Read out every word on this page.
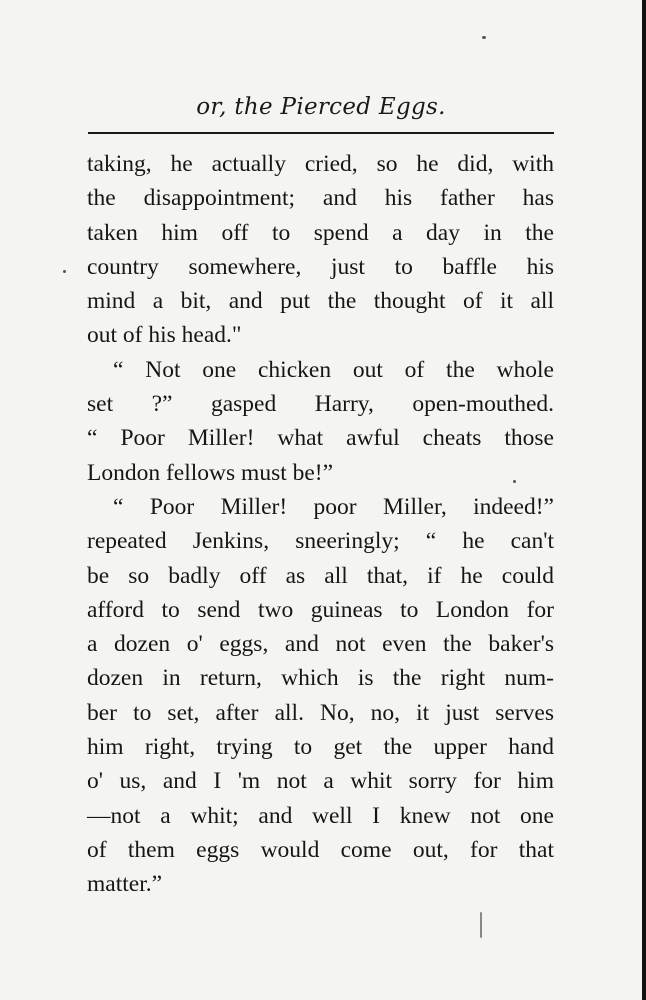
or, the Pierced Eggs.
taking, he actually cried, so he did, with
the disappointment; and his father has
taken him off to spend a day in the
country somewhere, just to baffle his
mind a bit, and put the thought of it all
out of his head."
“ Not one chicken out of the whole
set ?” gasped Harry, open-mouthed.
“ Poor Miller! what awful cheats those
London fellows must be!”
“ Poor Miller! poor Miller, indeed!”
repeated Jenkins, sneeringly; “ he can't
be so badly off as all that, if he could
afford to send two guineas to London for
a dozen o' eggs, and not even the baker's
dozen in return, which is the right num-
ber to set, after all. No, no, it just serves
him right, trying to get the upper hand
o' us, and I 'm not a whit sorry for him
—not a whit; and well I knew not one
of them eggs would come out, for that
matter.”
